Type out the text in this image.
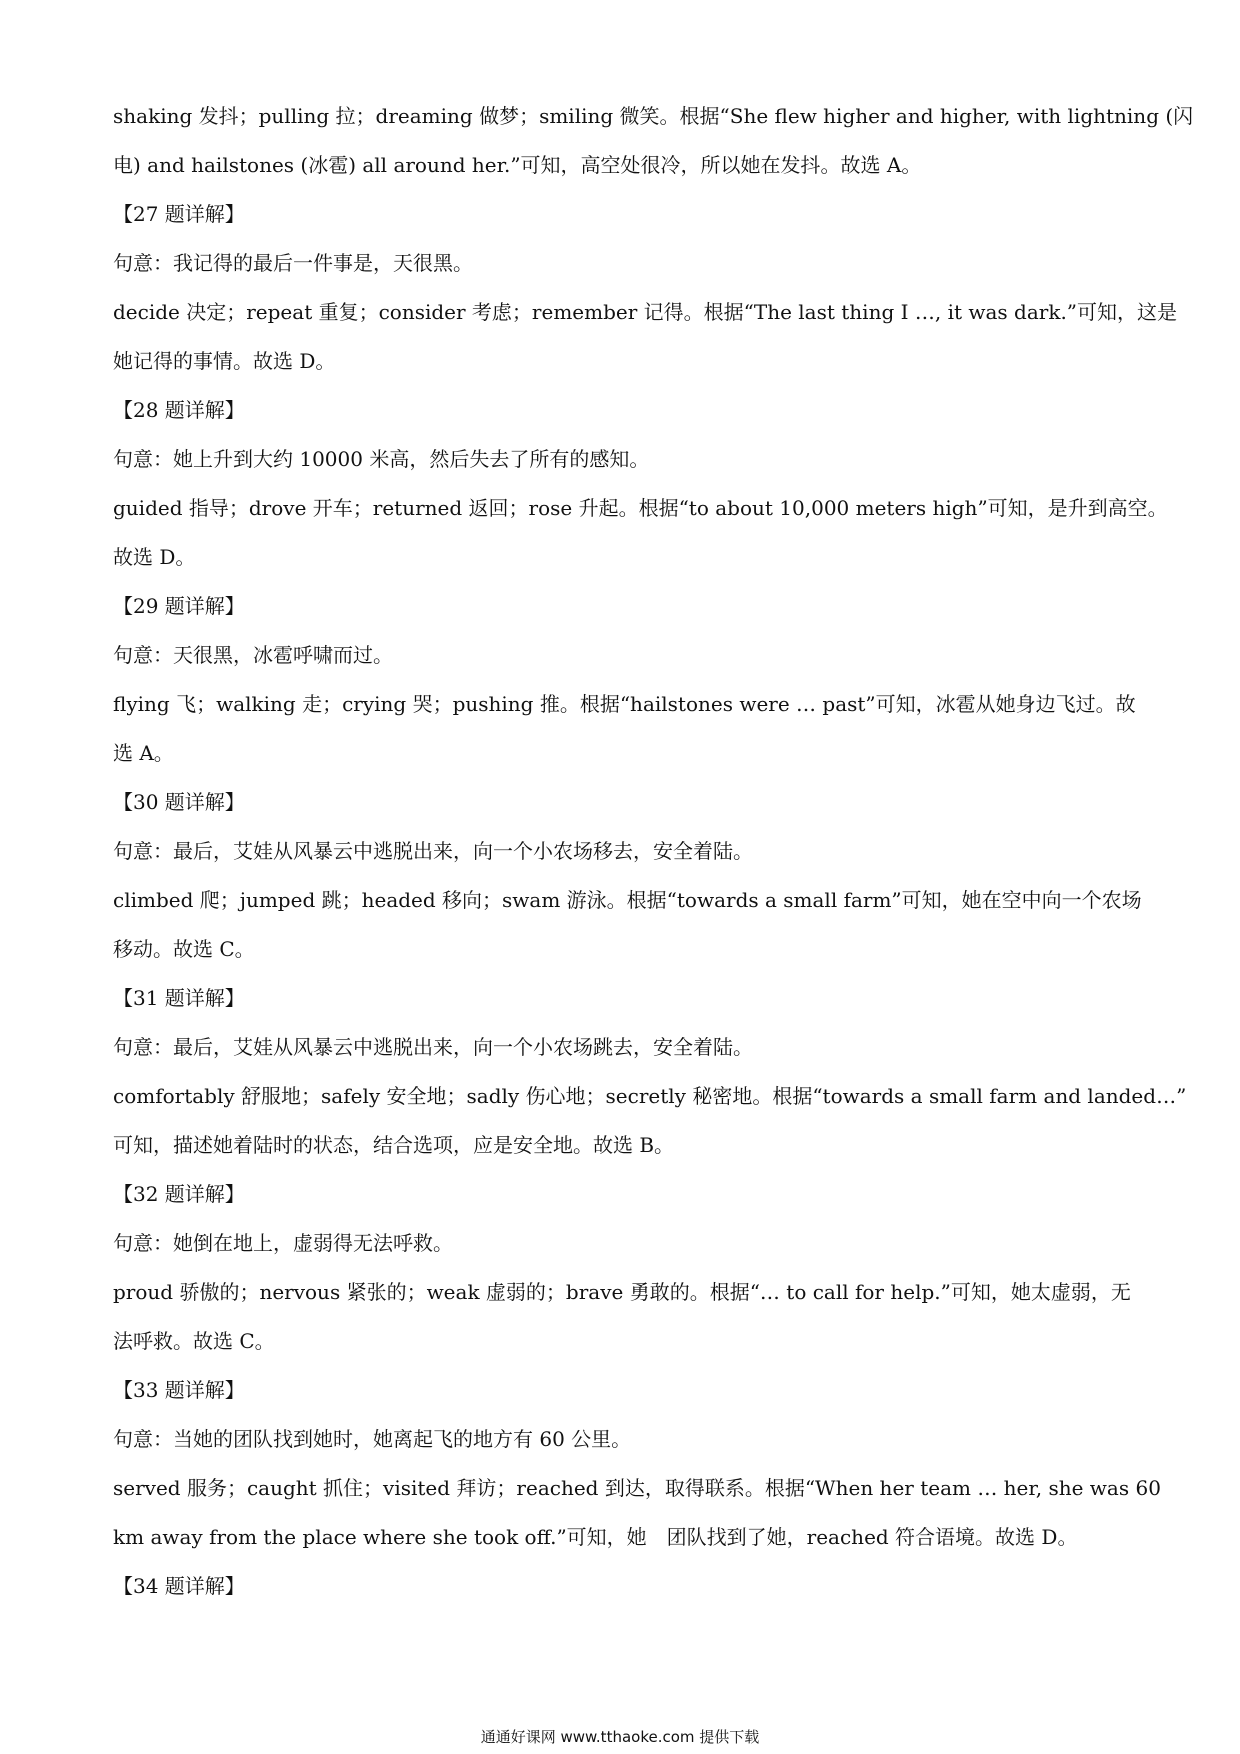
shaking 发抖；pulling 拉；dreaming 做梦；smiling 微笑。根据“She flew higher and higher, with lightning (闪
电) and hailstones (冰雹) all around her.”可知，高空处很冷，所以她在发抖。故选 A。
【27 题详解】
句意：我记得的最后一件事是，天很黑。
decide 决定；repeat 重复；consider 考虑；remember 记得。根据“The last thing I …, it was dark.”可知，这是
她记得的事情。故选 D。
【28 题详解】
句意：她上升到大约 10000 米高，然后失去了所有的感知。
guided 指导；drove 开车；returned 返回；rose 升起。根据“to about 10,000 meters high”可知，是升到高空。
故选 D。
【29 题详解】
句意：天很黑，冰雹呼啸而过。
flying 飞；walking 走；crying 哭；pushing 推。根据“hailstones were … past”可知，冰雹从她身边飞过。故
选 A。
【30 题详解】
句意：最后，艾娃从风暴云中逃脱出来，向一个小农场移去，安全着陆。
climbed 爬；jumped 跳；headed 移向；swam 游泳。根据“towards a small farm”可知，她在空中向一个农场
移动。故选 C。
【31 题详解】
句意：最后，艾娃从风暴云中逃脱出来，向一个小农场跳去，安全着陆。
comfortably 舒服地；safely 安全地；sadly 伤心地；secretly 秘密地。根据“towards a small farm and landed…”
可知，描述她着陆时的状态，结合选项，应是安全地。故选 B。
【32 题详解】
句意：她倒在地上，虚弱得无法呼救。
proud 骄傲的；nervous 紧张的；weak 虚弱的；brave 勇敢的。根据“… to call for help.”可知，她太虚弱，无
法呼救。故选 C。
【33 题详解】
句意：当她的团队找到她时，她离起飞的地方有 60 公里。
served 服务；caught 抓住；visited 拜访；reached 到达，取得联系。根据“When her team … her, she was 60
km away from the place where she took off.”可知，她　团队找到了她，reached 符合语境。故选 D。
【34 题详解】
通通好课网 www.tthaoke.com 提供下载
